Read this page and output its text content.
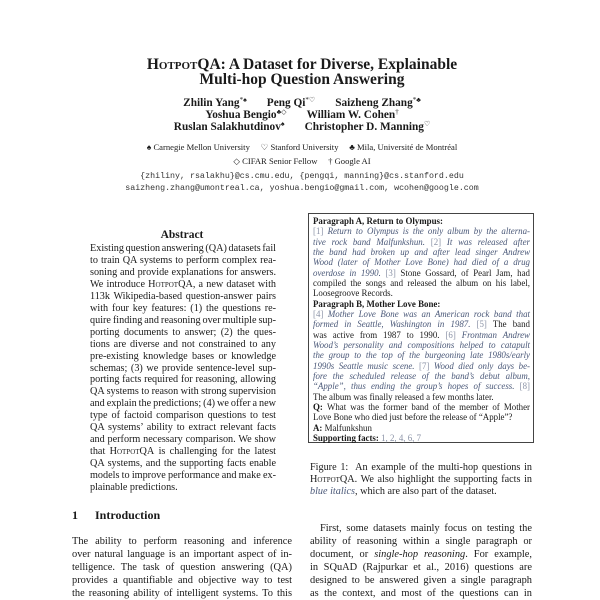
HotpotQA: A Dataset for Diverse, Explainable
Multi-hop Question Answering
Zhilin Yang*♠ Peng Qi*♡ Saizheng Zhang*♣
Yoshua Bengio♣◇ William W. Cohen†
Ruslan Salakhutdinov♠ Christopher D. Manning♡
♠ Carnegie Mellon University     ♡ Stanford University     ♣ Mila, Université de Montréal
◇ CIFAR Senior Fellow     † Google AI
{zhiliny, rsalakhu}@cs.cmu.edu, {pengqi, manning}@cs.stanford.edu
saizheng.zhang@umontreal.ca, yoshua.bengio@gmail.com, wcohen@google.com
Abstract
Existing question answering (QA) datasets fail
to train QA systems to perform complex rea-
soning and provide explanations for answers.
We introduce HotpotQA, a new dataset with
113k Wikipedia-based question-answer pairs
with four key features: (1) the questions re-
quire finding and reasoning over multiple sup-
porting documents to answer; (2) the ques-
tions are diverse and not constrained to any
pre-existing knowledge bases or knowledge
schemas; (3) we provide sentence-level sup-
porting facts required for reasoning, allowing
QA systems to reason with strong supervision
and explain the predictions; (4) we offer a new
type of factoid comparison questions to test
QA systems’ ability to extract relevant facts
and perform necessary comparison. We show
that HotpotQA is challenging for the latest
QA systems, and the supporting facts enable
models to improve performance and make ex-
plainable predictions.
1 Introduction
The ability to perform reasoning and inference
over natural language is an important aspect of in-
telligence. The task of question answering (QA)
provides a quantifiable and objective way to test
the reasoning ability of intelligent systems. To this
Paragraph A, Return to Olympus:
[1] Return to Olympus is the only album by the alterna-
tive rock band Malfunkshun. [2] It was released after
the band had broken up and after lead singer Andrew
Wood (later of Mother Love Bone) had died of a drug
overdose in 1990. [3] Stone Gossard, of Pearl Jam, had
compiled the songs and released the album on his label,
Loosegroove Records.
Paragraph B, Mother Love Bone:
[4] Mother Love Bone was an American rock band that
formed in Seattle, Washington in 1987. [5] The band
was active from 1987 to 1990. [6] Frontman Andrew
Wood’s personality and compositions helped to catapult
the group to the top of the burgeoning late 1980s/early
1990s Seattle music scene. [7] Wood died only days be-
fore the scheduled release of the band’s debut album,
“Apple”, thus ending the group’s hopes of success. [8]
The album was finally released a few months later.
Q: What was the former band of the member of Mother
Love Bone who died just before the release of “Apple”?
A: Malfunkshun
Supporting facts: 1, 2, 4, 6, 7
Figure 1:  An example of the multi-hop questions in
HotpotQA. We also highlight the supporting facts in
blue italics, which are also part of the dataset.
First, some datasets mainly focus on testing the
ability of reasoning within a single paragraph or
document, or single-hop reasoning. For example,
in SQuAD (Rajpurkar et al., 2016) questions are
designed to be answered given a single paragraph
as the context, and most of the questions can in
